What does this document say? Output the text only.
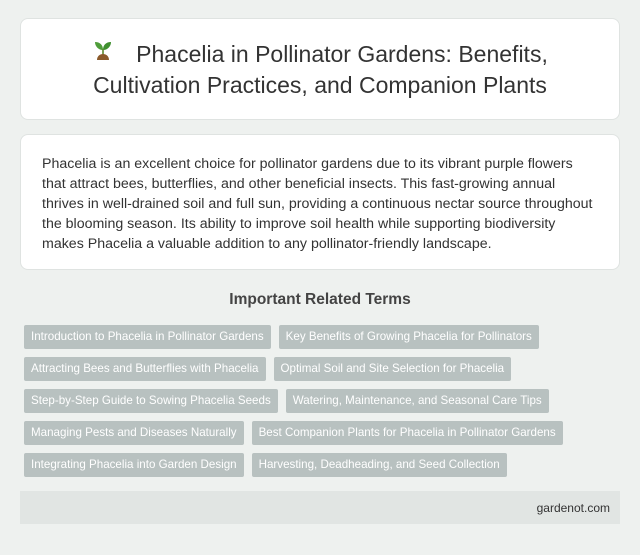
Phacelia in Pollinator Gardens: Benefits, Cultivation Practices, and Companion Plants

Phacelia is an excellent choice for pollinator gardens due to its vibrant purple flowers that attract bees, butterflies, and other beneficial insects. This fast-growing annual thrives in well-drained soil and full sun, providing a continuous nectar source throughout the blooming season. Its ability to improve soil health while supporting biodiversity makes Phacelia a valuable addition to any pollinator-friendly landscape.

Important Related Terms
Introduction to Phacelia in Pollinator Gardens	Key Benefits of Growing Phacelia for Pollinators
Attracting Bees and Butterflies with Phacelia	Optimal Soil and Site Selection for Phacelia
Step-by-Step Guide to Sowing Phacelia Seeds	Watering, Maintenance, and Seasonal Care Tips
Managing Pests and Diseases Naturally	Best Companion Plants for Phacelia in Pollinator Gardens
Integrating Phacelia into Garden Design	Harvesting, Deadheading, and Seed Collection
gardenot.com
